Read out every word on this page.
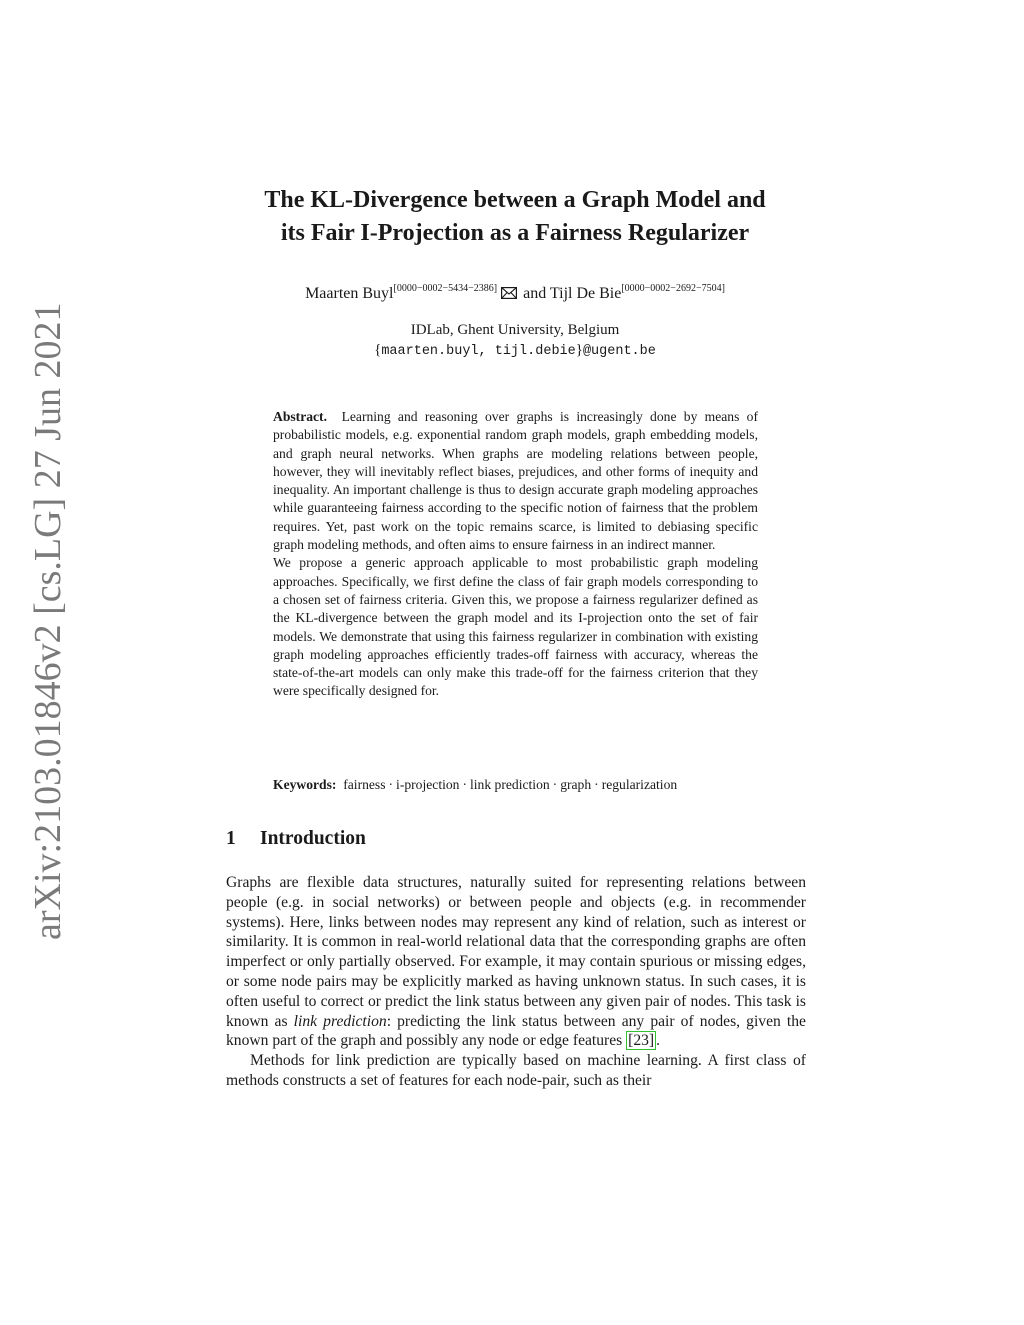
arXiv:2103.01846v2 [cs.LG] 27 Jun 2021
The KL-Divergence between a Graph Model and
its Fair I-Projection as a Fairness Regularizer
Maarten Buyl[0000−0002−5434−2386] and Tijl De Bie[0000−0002−2692−7504]
IDLab, Ghent University, Belgium
{maarten.buyl, tijl.debie}@ugent.be

Abstract. Learning and reasoning over graphs is increasingly done by means of probabilistic models, e.g. exponential random graph models, graph embedding models, and graph neural networks. When graphs are modeling relations between people, however, they will inevitably reflect biases, prejudices, and other forms of inequity and inequality. An important challenge is thus to design accurate graph modeling approaches while guaranteeing fairness according to the specific notion of fairness that the problem requires. Yet, past work on the topic remains scarce, is limited to debiasing specific graph modeling methods, and often aims to ensure fairness in an indirect manner.

We propose a generic approach applicable to most probabilistic graph modeling approaches. Specifically, we first define the class of fair graph models corresponding to a chosen set of fairness criteria. Given this, we propose a fairness regularizer defined as the KL-divergence between the graph model and its I-projection onto the set of fair models. We demonstrate that using this fairness regularizer in combination with existing graph modeling approaches efficiently trades-off fairness with accuracy, whereas the state-of-the-art models can only make this trade-off for the fairness criterion that they were specifically designed for.

Keywords: fairness · i-projection · link prediction · graph · regularization
1 Introduction

Graphs are flexible data structures, naturally suited for representing relations between people (e.g. in social networks) or between people and objects (e.g. in recommender systems). Here, links between nodes may represent any kind of relation, such as interest or similarity. It is common in real-world relational data that the corresponding graphs are often imperfect or only partially observed. For example, it may contain spurious or missing edges, or some node pairs may be explicitly marked as having unknown status. In such cases, it is often useful to correct or predict the link status between any given pair of nodes. This task is known as link prediction: predicting the link status between any pair of nodes, given the known part of the graph and possibly any node or edge features [23] .

Methods for link prediction are typically based on machine learning. A first class of methods constructs a set of features for each node-pair, such as their
